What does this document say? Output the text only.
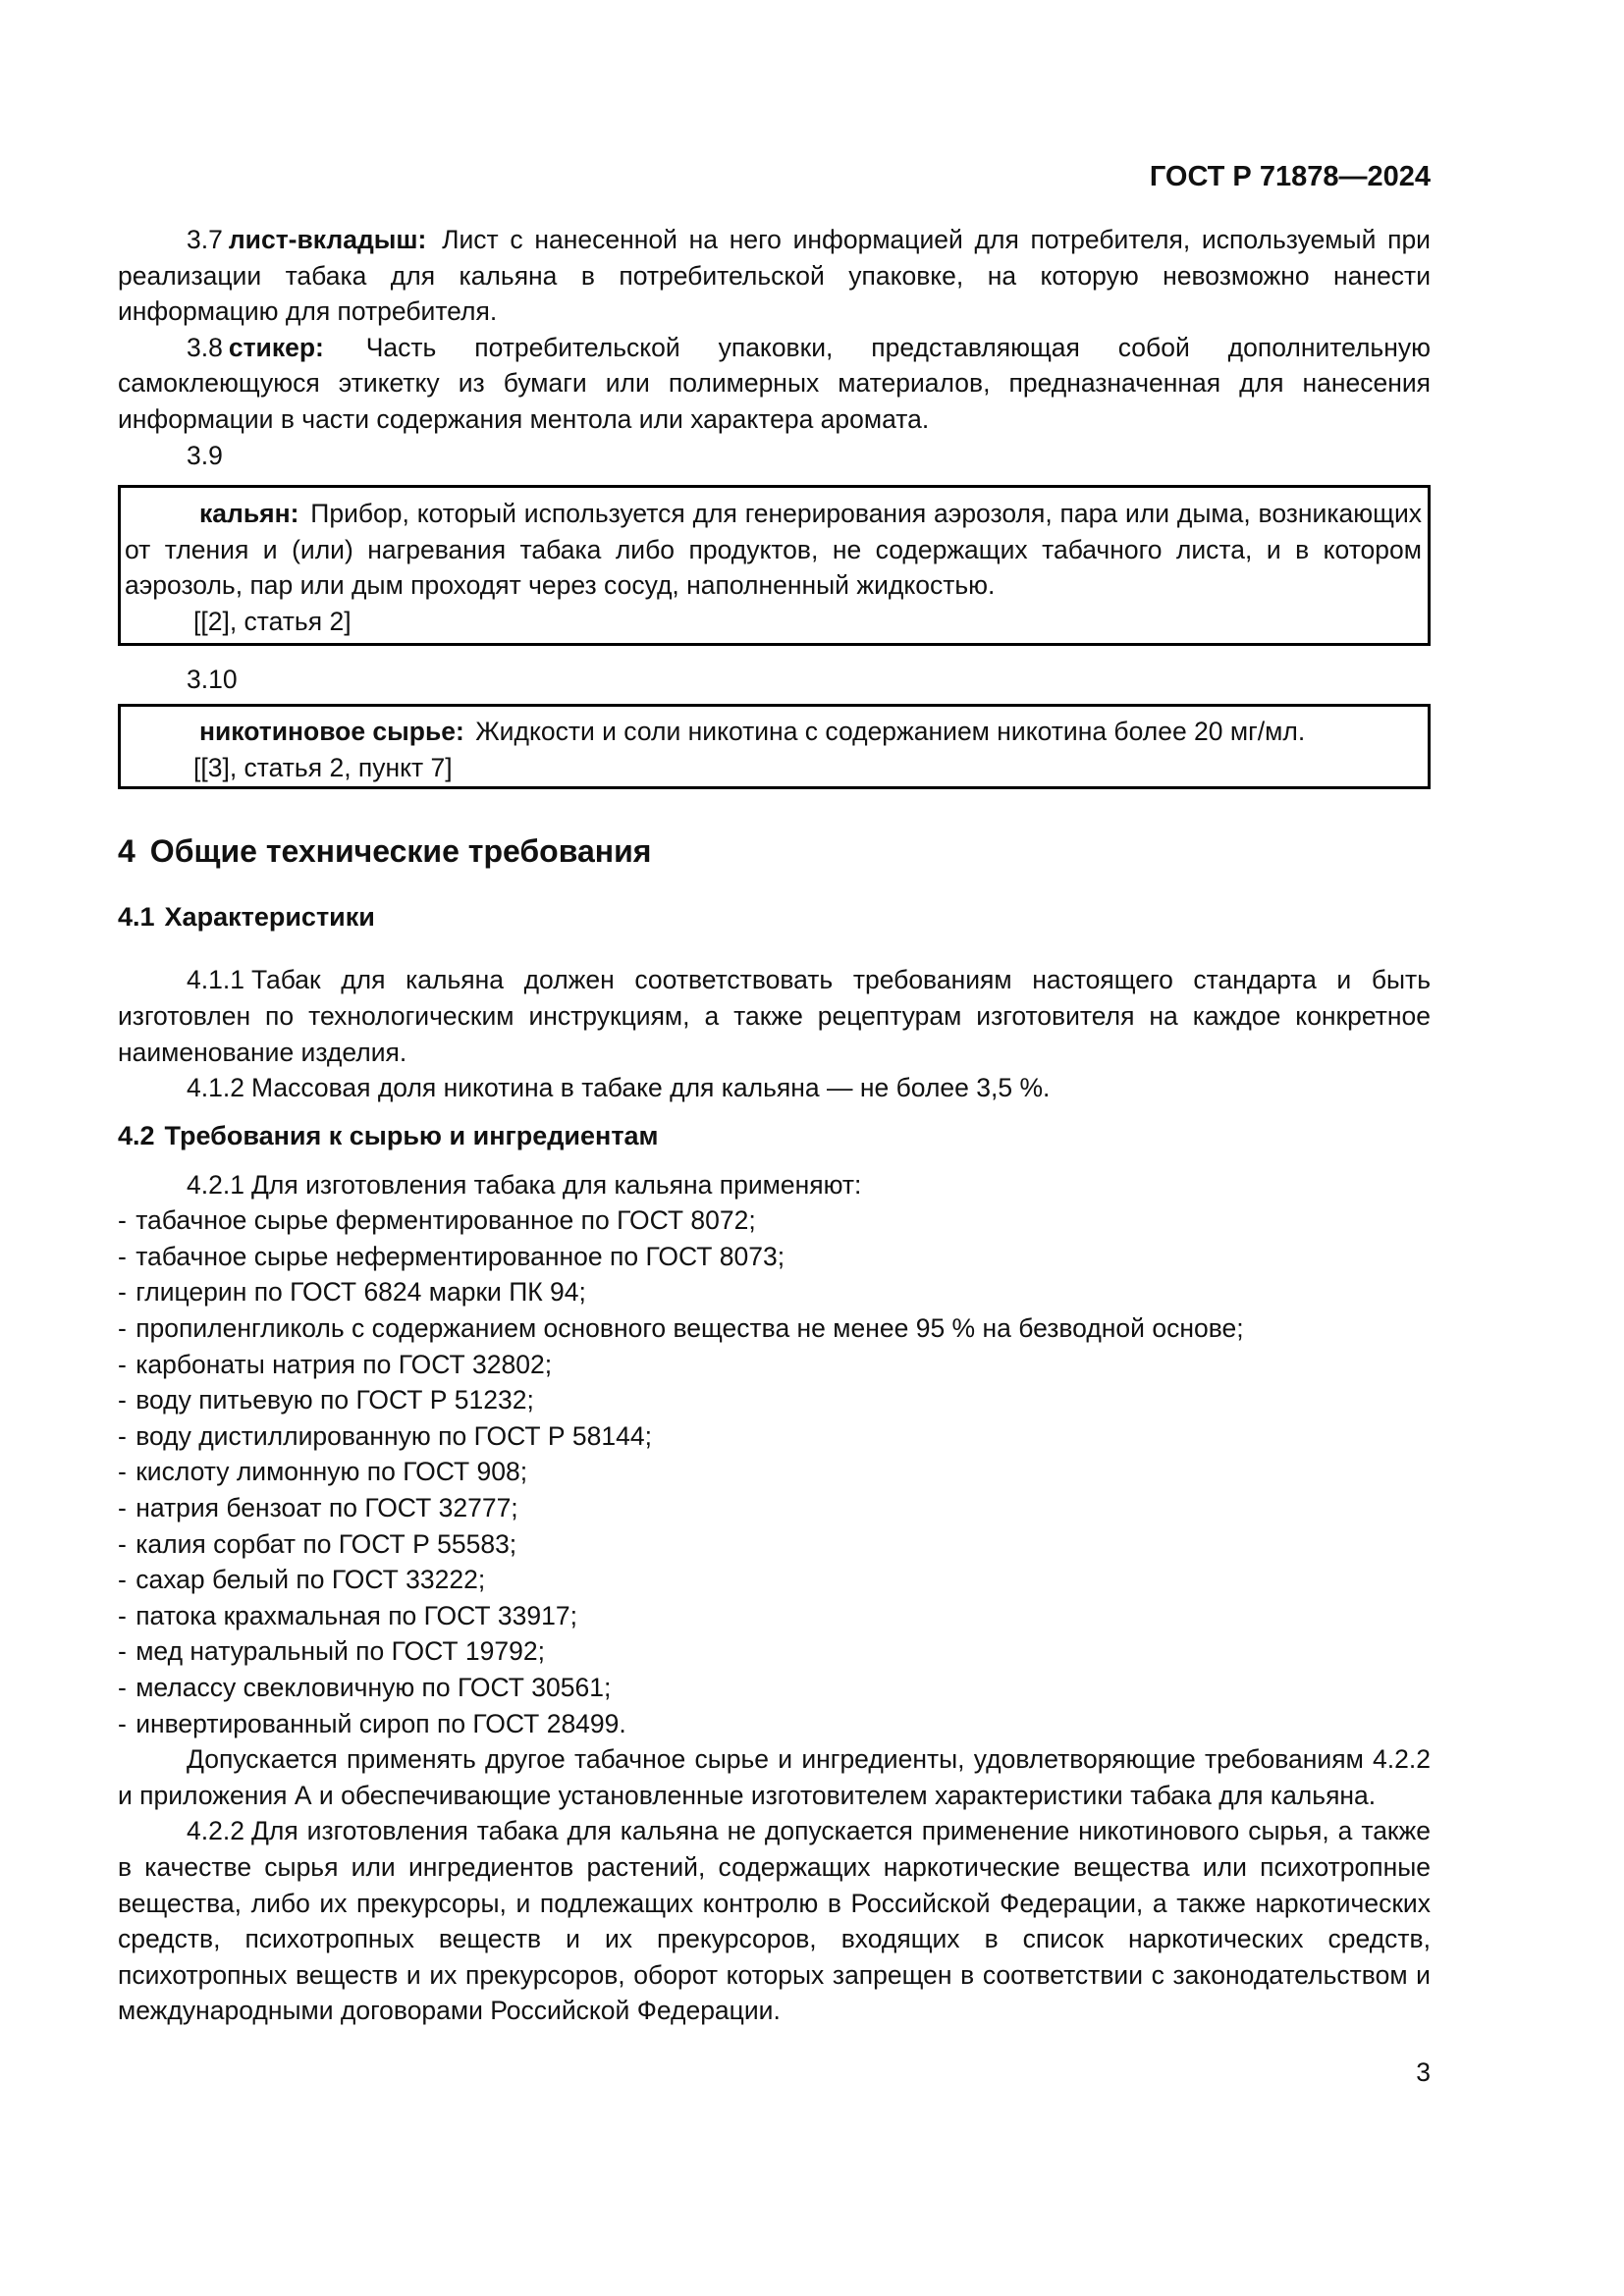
ГОСТ Р 71878—2024

3.7 лист-вкладыш: Лист с нанесенной на него информацией для потребителя, используемый при реализации табака для кальяна в потребительской упаковке, на которую невозможно нанести информацию для потребителя.

3.8 стикер: Часть потребительской упаковки, представляющая собой дополнительную самоклеющуюся этикетку из бумаги или полимерных материалов, предназначенная для нанесения информации в части содержания ментола или характера аромата.

3.9

кальян: Прибор, который используется для генерирования аэрозоля, пара или дыма, возникающих от тления и (или) нагревания табака либо продуктов, не содержащих табачного листа, и в котором аэрозоль, пар или дым проходят через сосуд, наполненный жидкостью.

[[2], статья 2]

3.10

никотиновое сырье: Жидкости и соли никотина с содержанием никотина более 20 мг/мл.

[[3], статья 2, пункт 7]

4 Общие технические требования
4.1 Характеристики

4.1.1 Табак для кальяна должен соответствовать требованиям настоящего стандарта и быть изготовлен по технологическим инструкциям, а также рецептурам изготовителя на каждое конкретное наименование изделия.

4.1.2 Массовая доля никотина в табаке для кальяна — не более 3,5 %.

4.2 Требования к сырью и ингредиентам

4.2.1 Для изготовления табака для кальяна применяют:

- табачное сырье ферментированное по ГОСТ 8072;

- табачное сырье неферментированное по ГОСТ 8073;

- глицерин по ГОСТ 6824 марки ПК 94;

- пропиленгликоль с содержанием основного вещества не менее 95 % на безводной основе;

- карбонаты натрия по ГОСТ 32802;

- воду питьевую по ГОСТ Р 51232;

- воду дистиллированную по ГОСТ Р 58144;

- кислоту лимонную по ГОСТ 908;

- натрия бензоат по ГОСТ 32777;

- калия сорбат по ГОСТ Р 55583;

- сахар белый по ГОСТ 33222;

- патока крахмальная по ГОСТ 33917;

- мед натуральный по ГОСТ 19792;

- мелассу свекловичную по ГОСТ 30561;

- инвертированный сироп по ГОСТ 28499.

Допускается применять другое табачное сырье и ингредиенты, удовлетворяющие требованиям 4.2.2 и приложения А и обеспечивающие установленные изготовителем характеристики табака для кальяна.

4.2.2 Для изготовления табака для кальяна не допускается применение никотинового сырья, а также в качестве сырья или ингредиентов растений, содержащих наркотические вещества или психотропные вещества, либо их прекурсоры, и подлежащих контролю в Российской Федерации, а также наркотических средств, психотропных веществ и их прекурсоров, входящих в список наркотических средств, психотропных веществ и их прекурсоров, оборот которых запрещен в соответствии с законодательством и международными договорами Российской Федерации.

3
